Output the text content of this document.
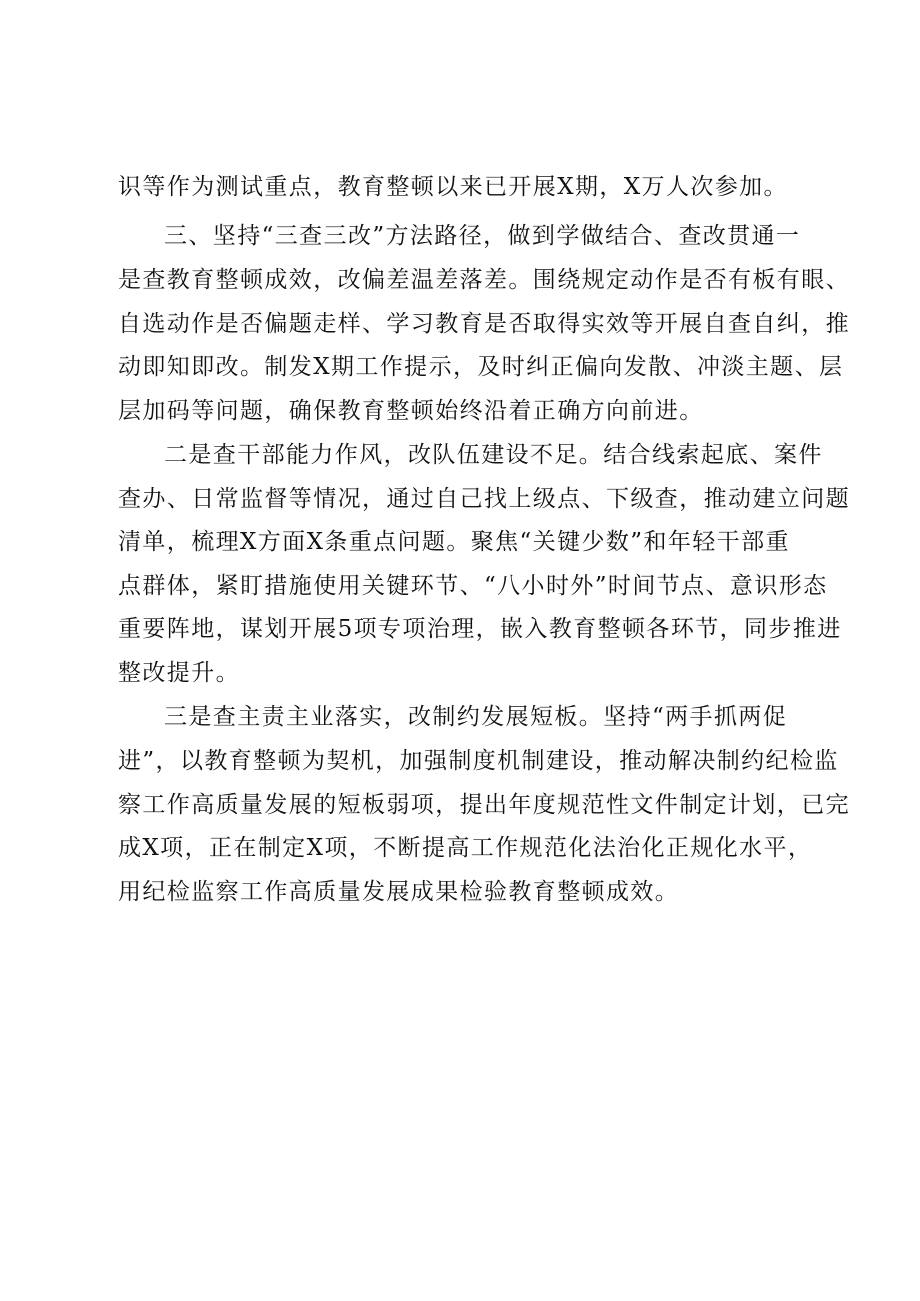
识等作为测试重点，教育整顿以来已开展X期，X万人次参加。
三、坚持“三查三改”方法路径，做到学做结合、查改贯通一
是查教育整顿成效，改偏差温差落差。围绕规定动作是否有板有眼、
自选动作是否偏题走样、学习教育是否取得实效等开展自查自纠，推
动即知即改。制发X期工作提示，及时纠正偏向发散、冲淡主题、层
层加码等问题，确保教育整顿始终沿着正确方向前进。
二是查干部能力作风，改队伍建设不足。结合线索起底、案件
查办、日常监督等情况，通过自己找上级点、下级查，推动建立问题
清单，梳理X方面X条重点问题。聚焦“关键少数”和年轻干部重
点群体，紧盯措施使用关键环节、“八小时外”时间节点、意识形态
重要阵地，谋划开展5项专项治理，嵌入教育整顿各环节，同步推进
整改提升。
三是查主责主业落实，改制约发展短板。坚持“两手抓两促
进”，以教育整顿为契机，加强制度机制建设，推动解决制约纪检监
察工作高质量发展的短板弱项，提出年度规范性文件制定计划，已完
成X项，正在制定X项，不断提高工作规范化法治化正规化水平，
用纪检监察工作高质量发展成果检验教育整顿成效。
